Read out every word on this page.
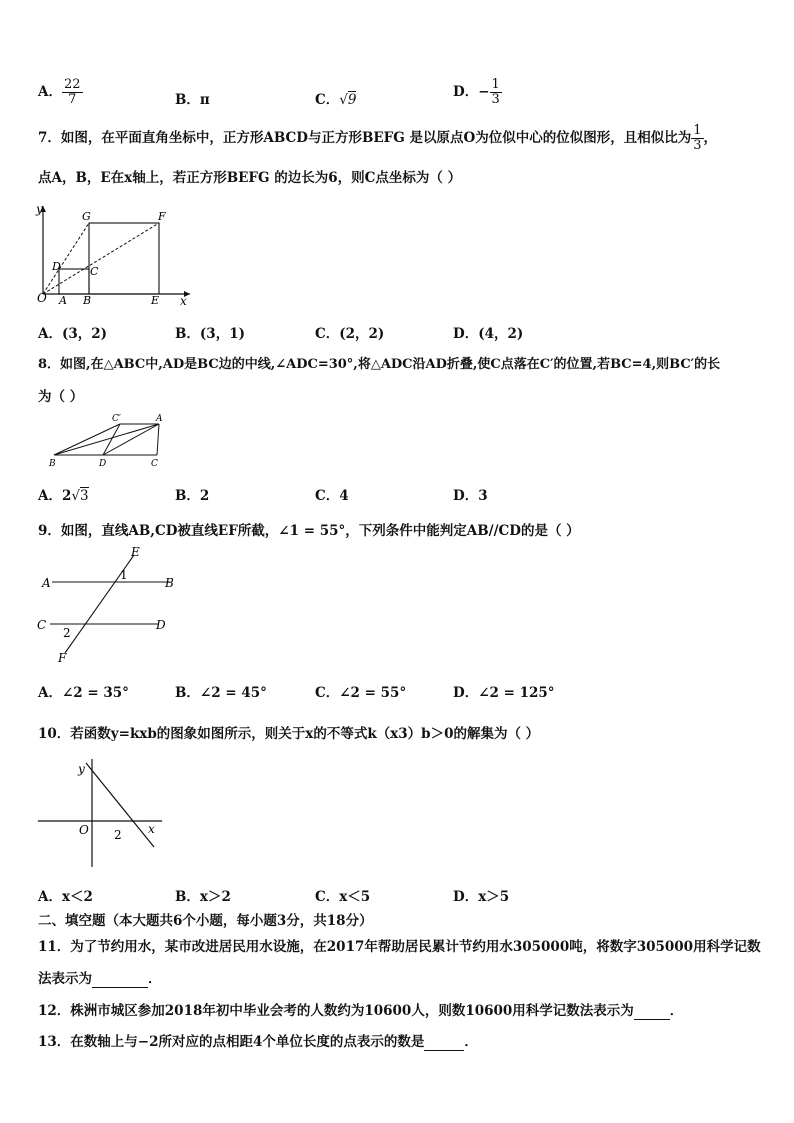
A． $\frac{22}{7}$	B．π	C．√9	D．− $\frac{1}{3}$
7．如图，在平面直角坐标中，正方形ABCD与正方形BEFG 是以原点O为位似中心的位似图形，且相似比为 $\frac{1}{3}$ ，
点A，B，E在x轴上，若正方形BEFG 的边长为6，则C点坐标为（ ）
y
x
O A B	E
D	C
G	F
A．(3，2)	B．(3，1)	C．(2，2)	D．(4，2)
8．如图,在△ABC中,AD是BC边的中线,∠ADC=30°,将△ADC沿AD折叠,使C点落在C′的位置,若BC=4,则BC′的长
为（ ）
B	D	C
C′	A
A．2√3	B．2	C．4	D．3
9．如图，直线AB,CD被直线EF所截，∠1 = 55°，下列条件中能判定AB//CD的是（ ）
E
A	B
1
C	D
2
F
A．∠2 = 35°	B．∠2 = 45°	C．∠2 = 55°	D．∠2 = 125°
10．若函数y=kxb的图象如图所示，则关于x的不等式k（x3）b＞0的解集为（ ）
y
x
O 2
A．x＜2	B．x＞2	C．x＜5	D．x＞5
二、填空题（本大题共6个小题，每小题3分，共18分）
11．为了节约用水，某市改进居民用水设施，在2017年帮助居民累计节约用水305000吨，将数字305000用科学记数
法表示为	．
12．株洲市城区参加2018年初中毕业会考的人数约为10600人，则数10600用科学记数法表示为	．
13．在数轴上与−2所对应的点相距4个单位长度的点表示的数是	．
